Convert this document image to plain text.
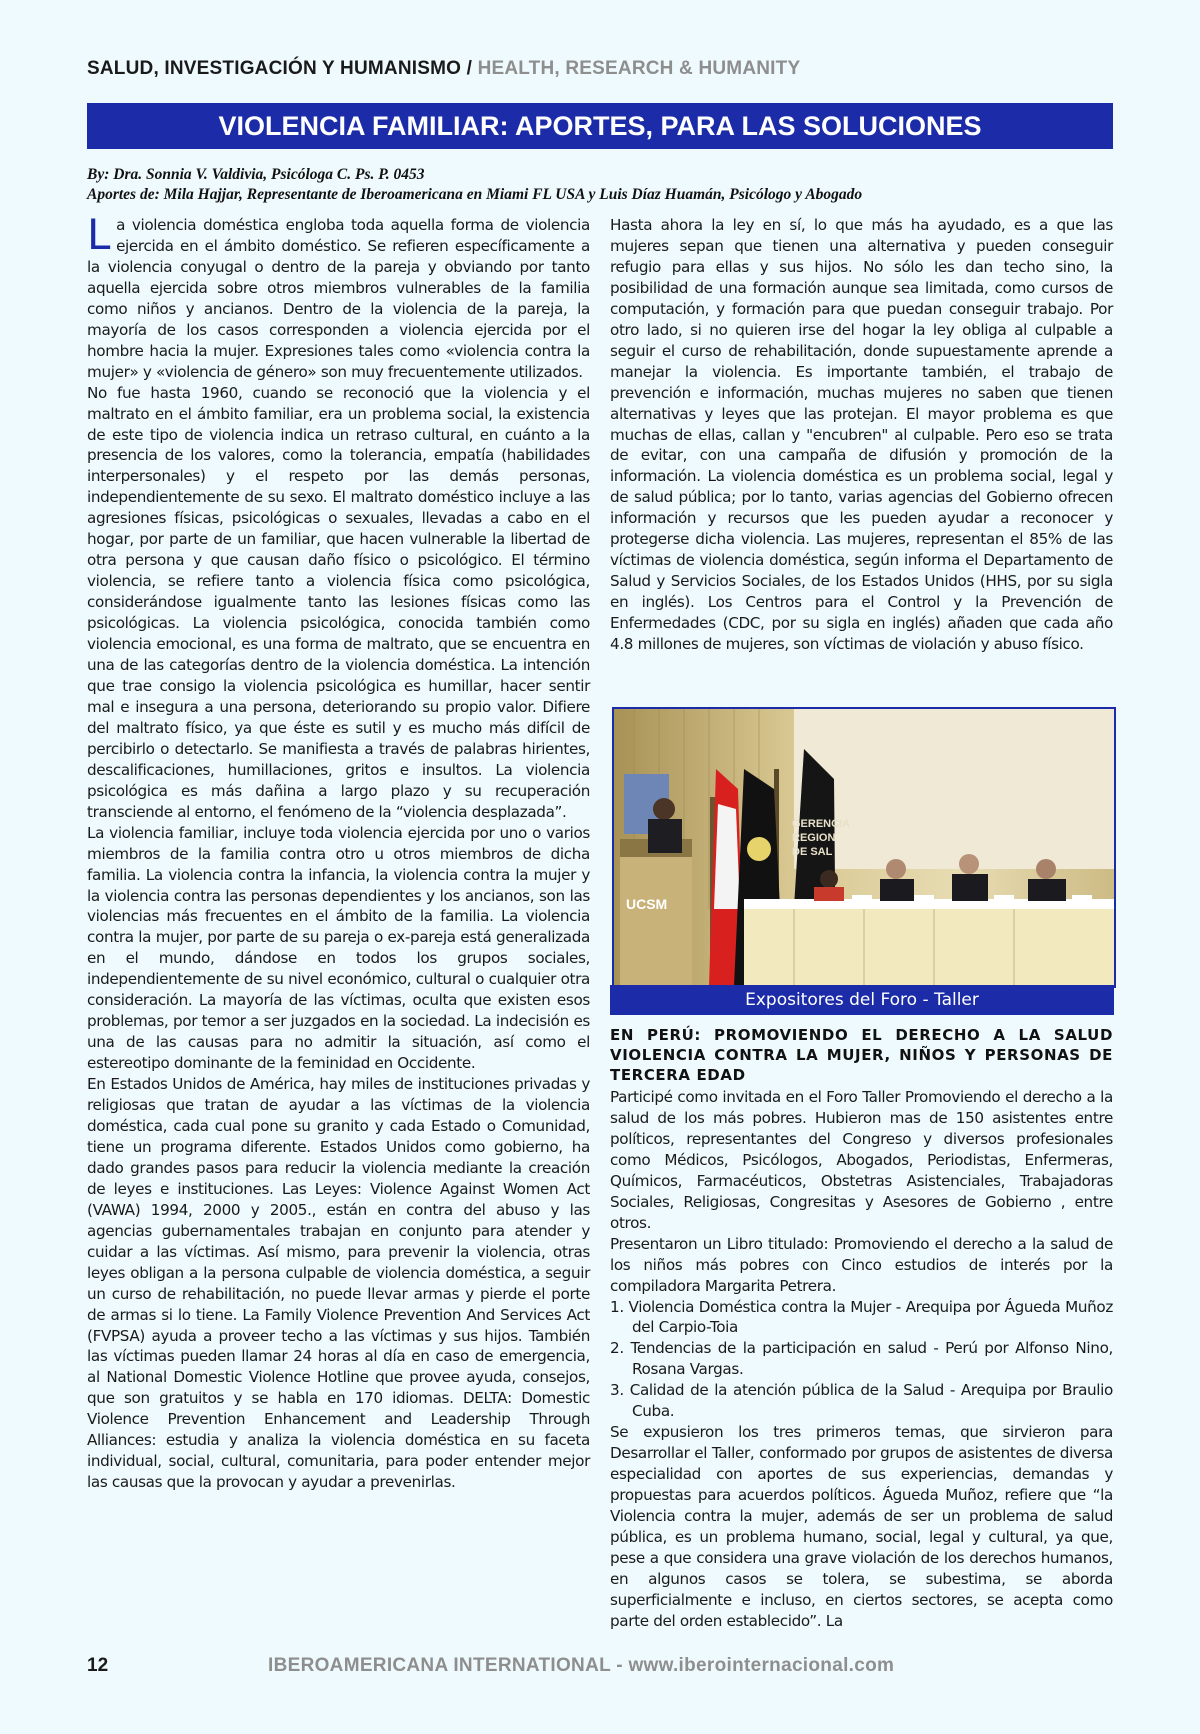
SALUD, INVESTIGACIÓN Y HUMANISMO / HEALTH, RESEARCH & HUMANITY
VIOLENCIA FAMILIAR: APORTES, PARA LAS SOLUCIONES
By: Dra. Sonnia V. Valdivia, Psicóloga C. Ps. P. 0453
Aportes de: Mila Hajjar, Representante de Iberoamericana en Miami FL USA y Luis Díaz Huamán, Psicólogo y Abogado

La violencia doméstica engloba toda aquella forma de violencia ejercida en el ámbito doméstico. Se refieren específicamente a la violencia conyugal o dentro de la pareja y obviando por tanto aquella ejercida sobre otros miembros vulnerables de la familia como niños y ancianos. Dentro de la violencia de la pareja, la mayoría de los casos corresponden a violencia ejercida por el hombre hacia la mujer. Expresiones tales como «violencia contra la mujer» y «violencia de género» son muy frecuentemente utilizados.

No fue hasta 1960, cuando se reconoció que la violencia y el maltrato en el ámbito familiar, era un problema social, la existencia de este tipo de violencia indica un retraso cultural, en cuánto a la presencia de los valores, como la tolerancia, empatía (habilidades interpersonales) y el respeto por las demás personas, independientemente de su sexo. El maltrato doméstico incluye a las agresiones físicas, psicológicas o sexuales, llevadas a cabo en el hogar, por parte de un familiar, que hacen vulnerable la libertad de otra persona y que causan daño físico o psicológico. El término violencia, se refiere tanto a violencia física como psicológica, considerándose igualmente tanto las lesiones físicas como las psicológicas. La violencia psicológica, conocida también como violencia emocional, es una forma de maltrato, que se encuentra en una de las categorías dentro de la violencia doméstica. La intención que trae consigo la violencia psicológica es humillar, hacer sentir mal e insegura a una persona, deteriorando su propio valor. Difiere del maltrato físico, ya que éste es sutil y es mucho más difícil de percibirlo o detectarlo. Se manifiesta a través de palabras hirientes, descalificaciones, humillaciones, gritos e insultos. La violencia psicológica es más dañina a largo plazo y su recuperación transciende al entorno, el fenómeno de la “violencia desplazada”.

La violencia familiar, incluye toda violencia ejercida por uno o varios miembros de la familia contra otro u otros miembros de dicha familia. La violencia contra la infancia, la violencia contra la mujer y la violencia contra las personas dependientes y los ancianos, son las violencias más frecuentes en el ámbito de la familia. La violencia contra la mujer, por parte de su pareja o ex-pareja está generalizada en el mundo, dándose en todos los grupos sociales, independientemente de su nivel económico, cultural o cualquier otra consideración. La mayoría de las víctimas, oculta que existen esos problemas, por temor a ser juzgados en la sociedad. La indecisión es una de las causas para no admitir la situación, así como el estereotipo dominante de la feminidad en Occidente.

En Estados Unidos de América, hay miles de instituciones privadas y religiosas que tratan de ayudar a las víctimas de la violencia doméstica, cada cual pone su granito y cada Estado o Comunidad, tiene un programa diferente. Estados Unidos como gobierno, ha dado grandes pasos para reducir la violencia mediante la creación de leyes e instituciones. Las Leyes: Violence Against Women Act (VAWA) 1994, 2000 y 2005., están en contra del abuso y las agencias gubernamentales trabajan en conjunto para atender y cuidar a las víctimas. Así mismo, para prevenir la violencia, otras leyes obligan a la persona culpable de violencia doméstica, a seguir un curso de rehabilitación, no puede llevar armas y pierde el porte de armas si lo tiene. La Family Violence Prevention And Services Act (FVPSA) ayuda a proveer techo a las víctimas y sus hijos. También las víctimas pueden llamar 24 horas al día en caso de emergencia, al National Domestic Violence Hotline que provee ayuda, consejos, que son gratuitos y se habla en 170 idiomas. DELTA: Domestic Violence Prevention Enhancement and Leadership Through Alliances: estudia y analiza la violencia doméstica en su faceta individual, social, cultural, comunitaria, para poder entender mejor las causas que la provocan y ayudar a prevenirlas.

Hasta ahora la ley en sí, lo que más ha ayudado, es a que las mujeres sepan que tienen una alternativa y pueden conseguir refugio para ellas y sus hijos. No sólo les dan techo sino, la posibilidad de una formación aunque sea limitada, como cursos de computación, y formación para que puedan conseguir trabajo. Por otro lado, si no quieren irse del hogar la ley obliga al culpable a seguir el curso de rehabilitación, donde supuestamente aprende a manejar la violencia. Es importante también, el trabajo de prevención e información, muchas mujeres no saben que tienen alternativas y leyes que las protejan. El mayor problema es que muchas de ellas, callan y "encubren" al culpable. Pero eso se trata de evitar, con una campaña de difusión y promoción de la información. La violencia doméstica es un problema social, legal y de salud pública; por lo tanto, varias agencias del Gobierno ofrecen información y recursos que les pueden ayudar a reconocer y protegerse dicha violencia. Las mujeres, representan el 85% de las víctimas de violencia doméstica, según informa el Departamento de Salud y Servicios Sociales, de los Estados Unidos (HHS, por su sigla en inglés). Los Centros para el Control y la Prevención de Enfermedades (CDC, por su sigla en inglés) añaden que cada año 4.8 millones de mujeres, son víctimas de violación y abuso físico.

UCSM
GERENCIA
REGION
DE SAL
Expositores del Foro - Taller
EN PERÚ: PROMOVIENDO EL DERECHO A LA SALUD VIOLENCIA CONTRA LA MUJER, NIÑOS Y PERSONAS DE TERCERA EDAD

Participé como invitada en el Foro Taller Promoviendo el derecho a la salud de los más pobres. Hubieron mas de 150 asistentes entre políticos, representantes del Congreso y diversos profesionales como Médicos, Psicólogos, Abogados, Periodistas, Enfermeras, Químicos, Farmacéuticos, Obstetras Asistenciales, Trabajadoras Sociales, Religiosas, Congresitas y Asesores de Gobierno , entre otros.

Presentaron un Libro titulado: Promoviendo el derecho a la salud de los niños más pobres con Cinco estudios de interés por la compiladora Margarita Petrera.

1. Violencia Doméstica contra la Mujer - Arequipa por Águeda Muñoz del Carpio-Toia
2. Tendencias de la participación en salud - Perú por Alfonso Nino, Rosana Vargas.
3. Calidad de la atención pública de la Salud - Arequipa por Braulio Cuba.

Se expusieron los tres primeros temas, que sirvieron para Desarrollar el Taller, conformado por grupos de asistentes de diversa especialidad con aportes de sus experiencias, demandas y propuestas para acuerdos políticos. Águeda Muñoz, refiere que “la Violencia contra la mujer, además de ser un problema de salud pública, es un problema humano, social, legal y cultural, ya que, pese a que considera una grave violación de los derechos humanos, en algunos casos se tolera, se subestima, se aborda superficialmente e incluso, en ciertos sectores, se acepta como parte del orden establecido”. La

12	IBEROAMERICANA INTERNATIONAL - www.iberointernacional.com
